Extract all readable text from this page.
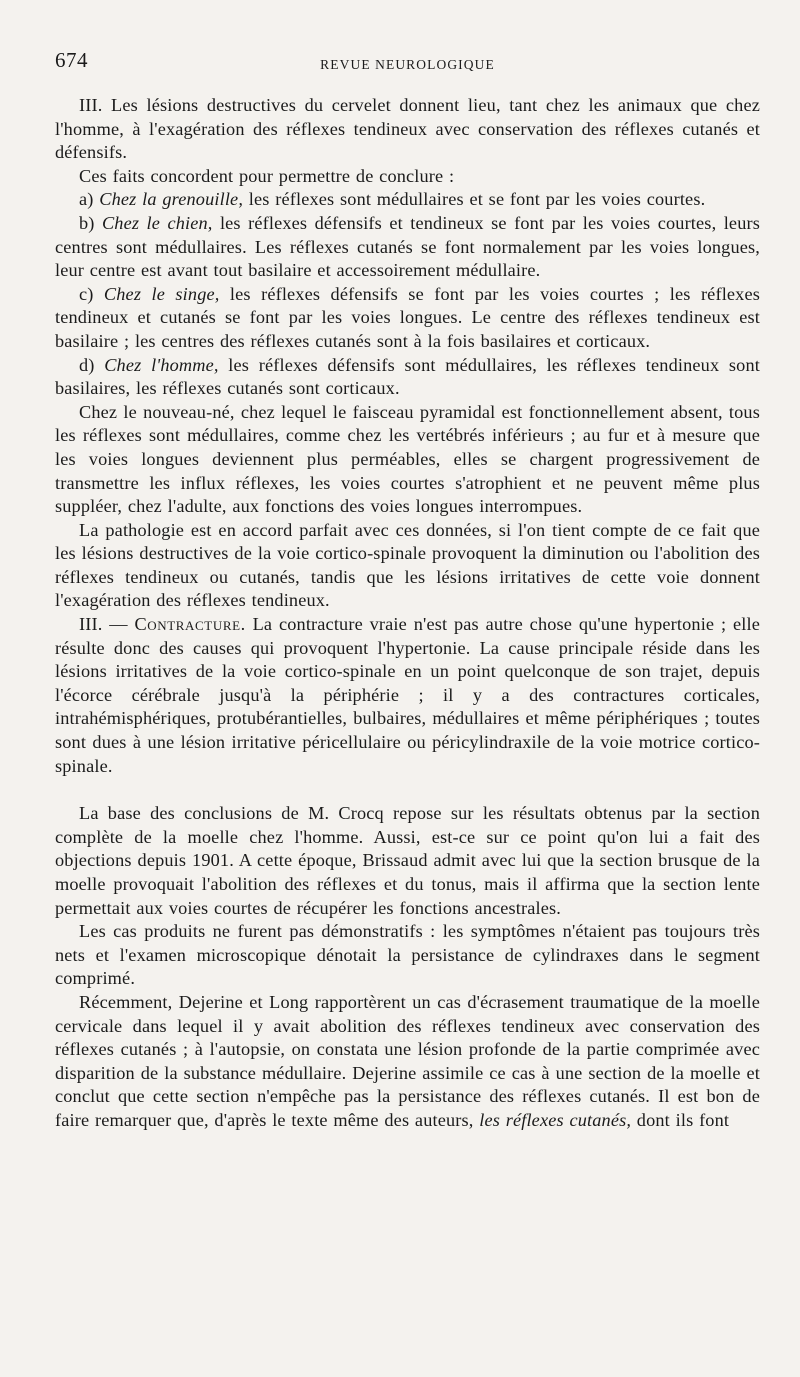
674	REVUE NEUROLOGIQUE

III. Les lésions destructives du cervelet donnent lieu, tant chez les animaux que chez l'homme, à l'exagération des réflexes tendineux avec conservation des réflexes cutanés et défensifs.

Ces faits concordent pour permettre de conclure :

a) Chez la grenouille, les réflexes sont médullaires et se font par les voies courtes.

b) Chez le chien, les réflexes défensifs et tendineux se font par les voies courtes, leurs centres sont médullaires. Les réflexes cutanés se font normalement par les voies longues, leur centre est avant tout basilaire et accessoirement médullaire.

c) Chez le singe, les réflexes défensifs se font par les voies courtes ; les réflexes tendineux et cutanés se font par les voies longues. Le centre des réflexes tendineux est basilaire ; les centres des réflexes cutanés sont à la fois basilaires et corticaux.

d) Chez l'homme, les réflexes défensifs sont médullaires, les réflexes tendineux sont basilaires, les réflexes cutanés sont corticaux.

Chez le nouveau-né, chez lequel le faisceau pyramidal est fonctionnellement absent, tous les réflexes sont médullaires, comme chez les vertébrés inférieurs ; au fur et à mesure que les voies longues deviennent plus perméables, elles se chargent progressivement de transmettre les influx réflexes, les voies courtes s'atrophient et ne peuvent même plus suppléer, chez l'adulte, aux fonctions des voies longues interrompues.

La pathologie est en accord parfait avec ces données, si l'on tient compte de ce fait que les lésions destructives de la voie cortico-spinale provoquent la diminution ou l'abolition des réflexes tendineux ou cutanés, tandis que les lésions irritatives de cette voie donnent l'exagération des réflexes tendineux.

III. — Contracture. La contracture vraie n'est pas autre chose qu'une hypertonie ; elle résulte donc des causes qui provoquent l'hypertonie. La cause principale réside dans les lésions irritatives de la voie cortico-spinale en un point quelconque de son trajet, depuis l'écorce cérébrale jusqu'à la périphérie ; il y a des contractures corticales, intrahémisphériques, protubérantielles, bulbaires, médullaires et même périphériques ; toutes sont dues à une lésion irritative péricellulaire ou péricylindraxile de la voie motrice cortico-spinale.

La base des conclusions de M. Crocq repose sur les résultats obtenus par la section complète de la moelle chez l'homme. Aussi, est-ce sur ce point qu'on lui a fait des objections depuis 1901. A cette époque, Brissaud admit avec lui que la section brusque de la moelle provoquait l'abolition des réflexes et du tonus, mais il affirma que la section lente permettait aux voies courtes de récupérer les fonctions ancestrales.

Les cas produits ne furent pas démonstratifs : les symptômes n'étaient pas toujours très nets et l'examen microscopique dénotait la persistance de cylindraxes dans le segment comprimé.

Récemment, Dejerine et Long rapportèrent un cas d'écrasement traumatique de la moelle cervicale dans lequel il y avait abolition des réflexes tendineux avec conservation des réflexes cutanés ; à l'autopsie, on constata une lésion profonde de la partie comprimée avec disparition de la substance médullaire. Dejerine assimile ce cas à une section de la moelle et conclut que cette section n'empêche pas la persistance des réflexes cutanés. Il est bon de faire remarquer que, d'après le texte même des auteurs, les réflexes cutanés, dont ils font
